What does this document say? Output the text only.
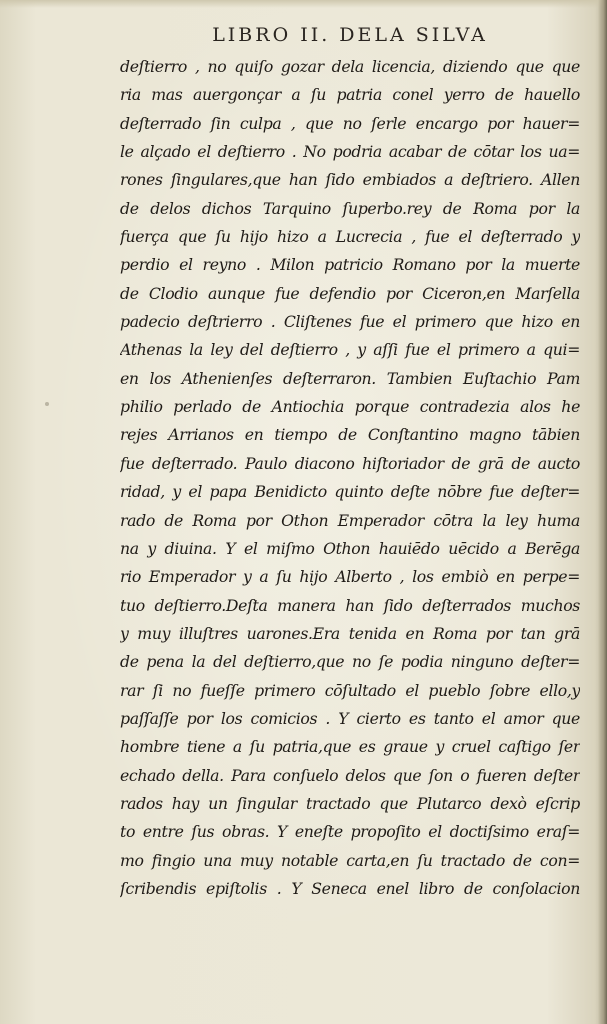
LIBRO II. DELA SILVA
deſtierro , no quiſo gozar dela licencia, diziendo que que
ria mas auergonçar a ſu patria conel yerro de hauello
deſterrado ſin culpa , que no ſerle encargo por hauer=
le alçado el deſtierro . No podria acabar de cōtar los ua=
rones ſingulares,que han ſido embiados a deſtriero. Allen
de delos dichos Tarquino ſuperbo.rey de Roma por la
fuerça que ſu hijo hizo a Lucrecia , fue el deſterrado y
perdio el reyno . Milon patricio Romano por la muerte
de Clodio aunque fue defendio por Ciceron,en Marſella
padecio deſtrierro . Cliſtenes fue el primero que hizo en
Athenas la ley del deſtierro , y aſſi fue el primero a qui=
en los Athenienſes deſterraron. Tambien Euſtachio Pam
philio perlado de Antiochia porque contradezia alos he
rejes Arrianos en tiempo de Conſtantino magno tābien
fue deſterrado. Paulo diacono hiſtoriador de grā de aucto
ridad, y el papa Benidicto quinto deſte nōbre fue deſter=
rado de Roma por Othon Emperador cōtra la ley huma
na y diuina. Y el miſmo Othon hauiēdo uēcido a Berēga
rio Emperador y a ſu hijo Alberto , los embiò en perpe=
tuo deſtierro.Deſta manera han ſido deſterrados muchos
y muy illuſtres uarones.Era tenida en Roma por tan grā
de pena la del deſtierro,que no ſe podia ninguno deſter=
rar ſi no fueſſe primero cōſultado el pueblo ſobre ello,y
paſſaſſe por los comicios . Y cierto es tanto el amor que
hombre tiene a ſu patria,que es graue y cruel caſtigo ſer
echado della. Para conſuelo delos que ſon o fueren deſter
rados hay un ſingular tractado que Plutarco dexò eſcrip
to entre ſus obras. Y eneſte propoſito el doctiſsimo eraſ=
mo fingio una muy notable carta,en ſu tractado de con=
ſcribendis epiſtolis . Y Seneca enel libro de conſolacion
